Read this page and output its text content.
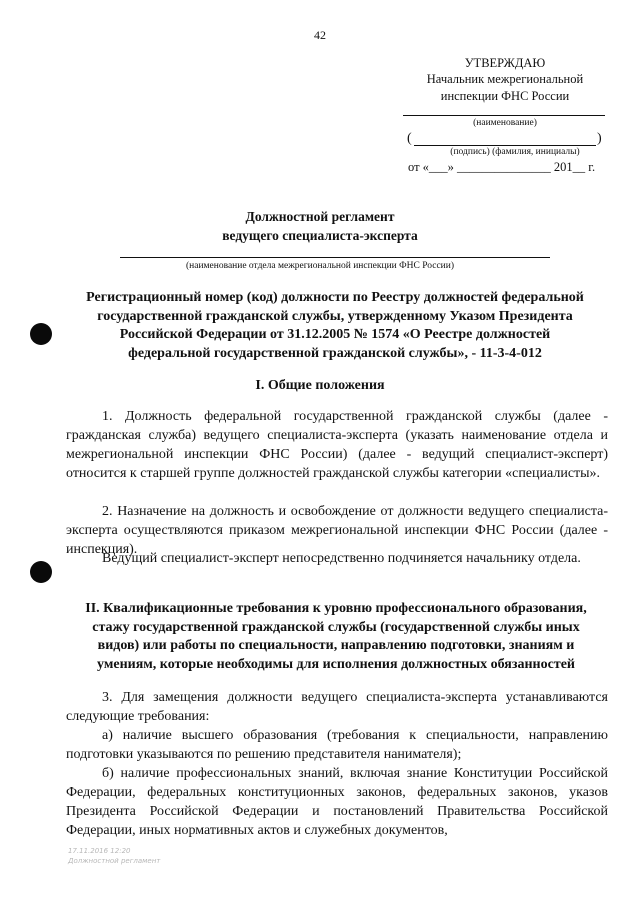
42
УТВЕРЖДАЮ
Начальник межрегиональной
инспекции ФНС России
(наименование)
(	)
(подпись) (фамилия, инициалы)
от «___» _______________ 201__ г.
Должностной регламент
ведущего специалиста-эксперта
(наименование отдела межрегиональной инспекции ФНС России)
Регистрационный номер (код) должности по Реестру должностей федеральной
государственной гражданской службы, утвержденному Указом Президента
Российской Федерации от 31.12.2005 № 1574 «О Реестре должностей
федеральной государственной гражданской службы», - 11-3-4-012
I. Общие положения
1. Должность федеральной государственной гражданской службы (далее - гражданская служба) ведущего специалиста-эксперта (указать наименование отдела и межрегиональной инспекции ФНС России) (далее - ведущий специалист-эксперт) относится к старшей группе должностей гражданской службы категории «специалисты».
2. Назначение на должность и освобождение от должности ведущего специалиста-эксперта осуществляются приказом межрегиональной инспекции ФНС России (далее - инспекция).
Ведущий специалист-эксперт непосредственно подчиняется начальнику отдела.
II. Квалификационные требования к уровню профессионального образования,
стажу государственной гражданской службы (государственной службы иных
видов) или работы по специальности, направлению подготовки, знаниям и
умениям, которые необходимы для исполнения должностных обязанностей
3. Для замещения должности ведущего специалиста-эксперта устанавливаются следующие требования:
а) наличие высшего образования (требования к специальности, направлению подготовки указываются по решению представителя нанимателя);
б) наличие профессиональных знаний, включая знание Конституции Российской Федерации, федеральных конституционных законов, федеральных законов, указов Президента Российской Федерации и постановлений Правительства Российской Федерации, иных нормативных актов и служебных документов,
17.11.2016 12:20
Должностной регламент
